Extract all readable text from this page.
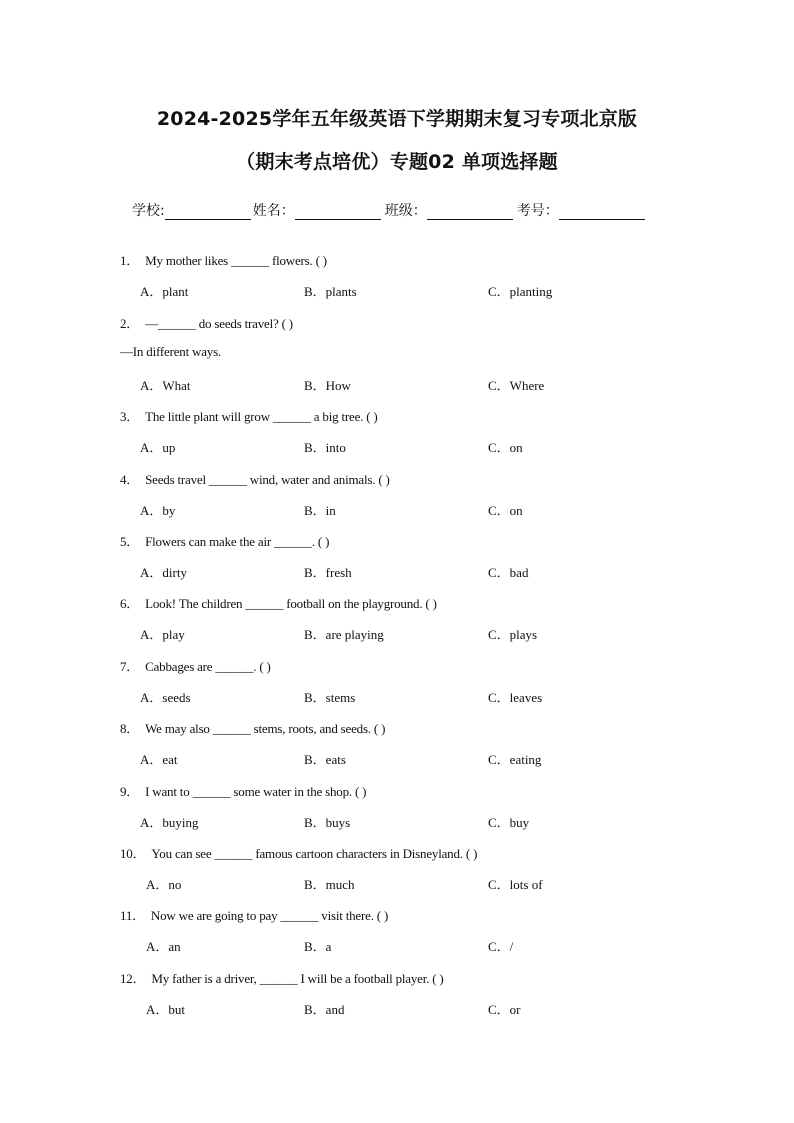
2024-2025学年五年级英语下学期期末复习专项北京版
（期末考点培优）专题02 单项选择题
学校:	姓名：	班级：	考号：
1． My mother likes ______ flowers. ( )
A．plant	B．plants	C．planting
2． —______ do seeds travel? ( )
—In different ways.
A．What	B．How	C．Where
3． The little plant will grow ______ a big tree. ( )
A．up	B．into	C．on
4． Seeds travel ______ wind, water and animals. ( )
A．by	B．in	C．on
5． Flowers can make the air ______. ( )
A．dirty	B．fresh	C．bad
6． Look! The children ______ football on the playground. ( )
A．play	B．are playing	C．plays
7． Cabbages are ______. ( )
A．seeds	B．stems	C．leaves
8． We may also ______ stems, roots, and seeds. ( )
A．eat	B．eats	C．eating
9． I want to ______ some water in the shop. ( )
A．buying	B．buys	C．buy
10． You can see ______ famous cartoon characters in Disneyland. ( )
A．no	B．much	C．lots of
11． Now we are going to pay ______ visit there. ( )
A．an	B．a	C．/
12． My father is a driver, ______ I will be a football player. ( )
A．but	B．and	C．or
